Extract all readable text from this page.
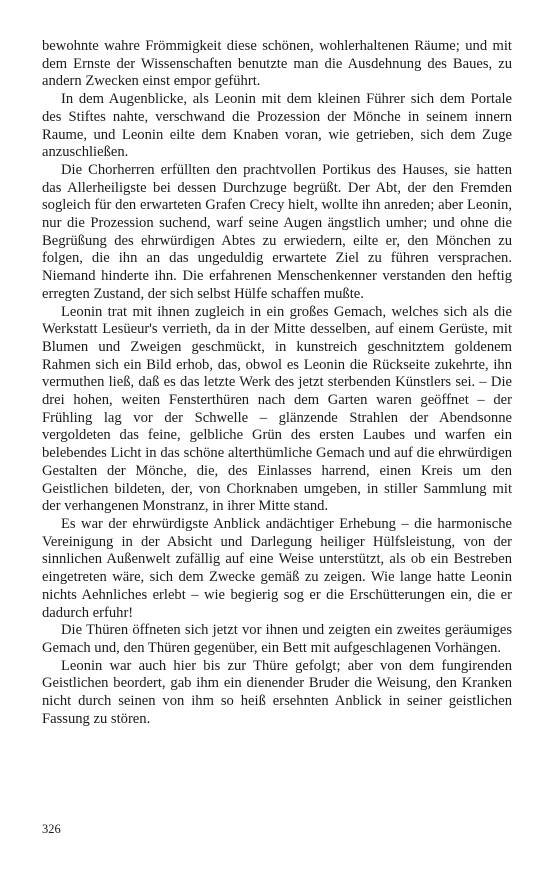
bewohnte wahre Frömmigkeit diese schönen, wohlerhaltenen Räume; und mit dem Ernste der Wissenschaften benutzte man die Ausdehnung des Baues, zu andern Zwecken einst empor geführt.

In dem Augenblicke, als Leonin mit dem kleinen Führer sich dem Portale des Stiftes nahte, verschwand die Prozession der Mönche in seinem innern Raume, und Leonin eilte dem Knaben voran, wie getrieben, sich dem Zuge anzuschließen.

Die Chorherren erfüllten den prachtvollen Portikus des Hauses, sie hatten das Allerheiligste bei dessen Durchzuge begrüßt. Der Abt, der den Fremden sogleich für den erwarteten Grafen Crecy hielt, wollte ihn anreden; aber Leonin, nur die Prozession suchend, warf seine Augen ängstlich umher; und ohne die Begrüßung des ehrwürdigen Abtes zu erwiedern, eilte er, den Mönchen zu folgen, die ihn an das ungeduldig erwartete Ziel zu führen versprachen. Niemand hinderte ihn. Die erfahrenen Menschenkenner verstanden den heftig erregten Zustand, der sich selbst Hülfe schaffen mußte.

Leonin trat mit ihnen zugleich in ein großes Gemach, welches sich als die Werkstatt Lesüeur's verrieth, da in der Mitte desselben, auf einem Gerüste, mit Blumen und Zweigen geschmückt, in kunstreich geschnitztem goldenem Rahmen sich ein Bild erhob, das, obwol es Leonin die Rückseite zukehrte, ihn vermuthen ließ, daß es das letzte Werk des jetzt sterbenden Künstlers sei. – Die drei hohen, weiten Fensterthüren nach dem Garten waren geöffnet – der Frühling lag vor der Schwelle – glänzende Strahlen der Abendsonne vergoldeten das feine, gelbliche Grün des ersten Laubes und warfen ein belebendes Licht in das schöne alterthümliche Gemach und auf die ehrwürdigen Gestalten der Mönche, die, des Einlasses harrend, einen Kreis um den Geistlichen bildeten, der, von Chorknaben umgeben, in stiller Sammlung mit der verhangenen Monstranz, in ihrer Mitte stand.

Es war der ehrwürdigste Anblick andächtiger Erhebung – die harmonische Vereinigung in der Absicht und Darlegung heiliger Hülfsleistung, von der sinnlichen Außenwelt zufällig auf eine Weise unterstützt, als ob ein Bestreben eingetreten wäre, sich dem Zwecke gemäß zu zeigen. Wie lange hatte Leonin nichts Aehnliches erlebt – wie begierig sog er die Erschütterungen ein, die er dadurch erfuhr!

Die Thüren öffneten sich jetzt vor ihnen und zeigten ein zweites geräumiges Gemach und, den Thüren gegenüber, ein Bett mit aufgeschlagenen Vorhängen.

Leonin war auch hier bis zur Thüre gefolgt; aber von dem fungirenden Geistlichen beordert, gab ihm ein dienender Bruder die Weisung, den Kranken nicht durch seinen von ihm so heiß ersehnten Anblick in seiner geistlichen Fassung zu stören.

326
